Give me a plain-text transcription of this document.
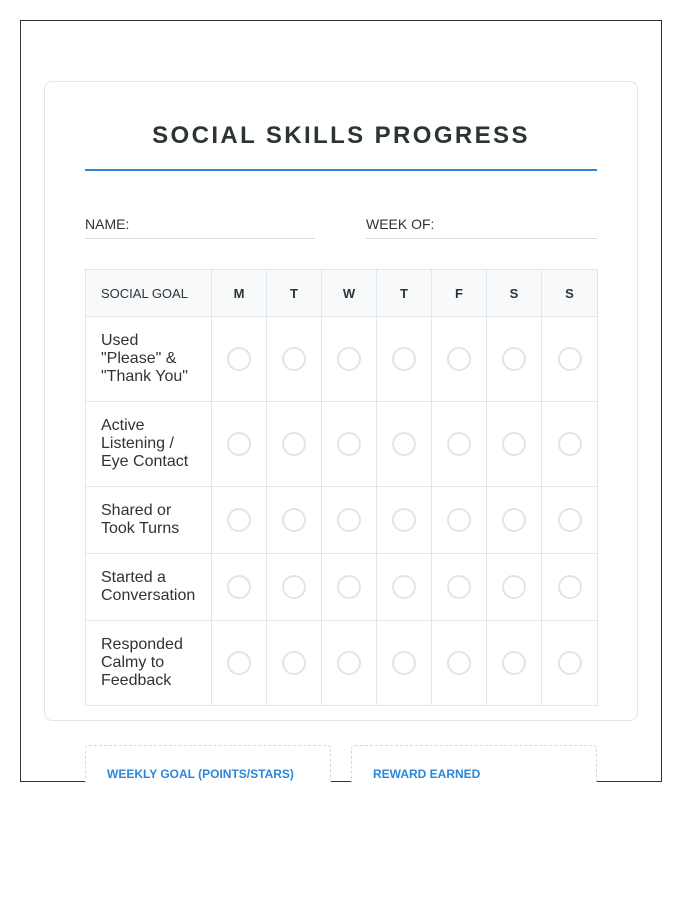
SOCIAL SKILLS PROGRESS
NAME:	WEEK OF:
SOCIAL GOAL	M	T	W	T	F	S	S
Used "Please" & "Thank You"							
Active Listening / Eye Contact							
Shared or Took Turns							
Started a Conversation							
Responded Calmy to Feedback							
WEEKLY GOAL (POINTS/STARS)	REWARD EARNED
